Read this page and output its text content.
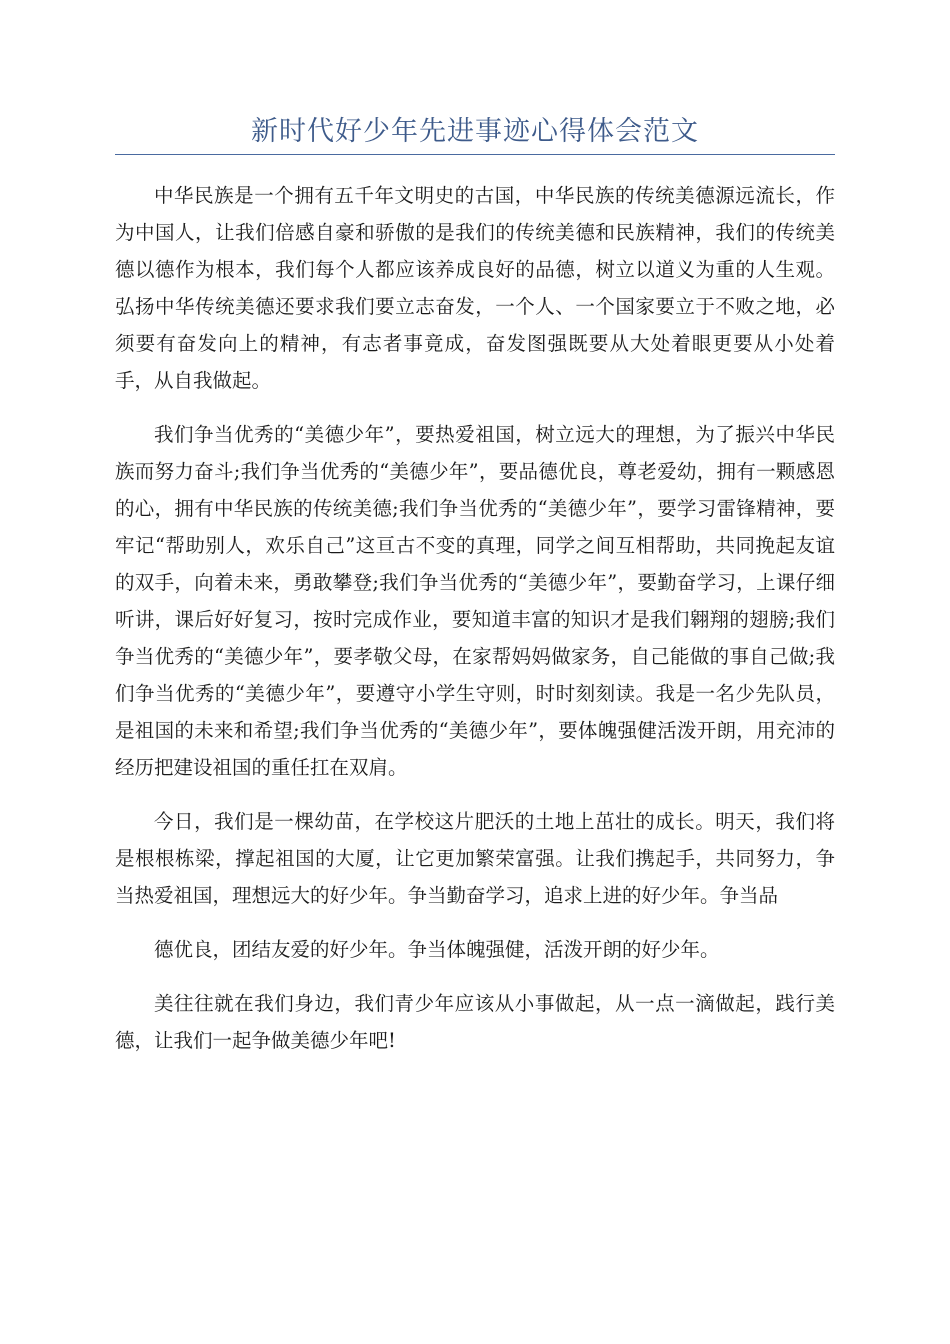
新时代好少年先进事迹心得体会范文

中华民族是一个拥有五千年文明史的古国，中华民族的传统美德源远流长，作为中国人，让我们倍感自豪和骄傲的是我们的传统美德和民族精神，我们的传统美德以德作为根本，我们每个人都应该养成良好的品德，树立以道义为重的人生观。弘扬中华传统美德还要求我们要立志奋发，一个人、一个国家要立于不败之地，必须要有奋发向上的精神，有志者事竟成，奋发图强既要从大处着眼更要从小处着手，从自我做起。

我们争当优秀的“美德少年”，要热爱祖国，树立远大的理想，为了振兴中华民族而努力奋斗;我们争当优秀的“美德少年”，要品德优良，尊老爱幼，拥有一颗感恩的心，拥有中华民族的传统美德;我们争当优秀的“美德少年”，要学习雷锋精神，要牢记“帮助别人，欢乐自己”这亘古不变的真理，同学之间互相帮助，共同挽起友谊的双手，向着未来，勇敢攀登;我们争当优秀的“美德少年”，要勤奋学习，上课仔细听讲，课后好好复习，按时完成作业，要知道丰富的知识才是我们翱翔的翅膀;我们争当优秀的“美德少年”，要孝敬父母，在家帮妈妈做家务，自己能做的事自己做;我们争当优秀的“美德少年”，要遵守小学生守则，时时刻刻读。我是一名少先队员，是祖国的未来和希望;我们争当优秀的“美德少年”，要体魄强健活泼开朗，用充沛的经历把建设祖国的重任扛在双肩。

今日，我们是一棵幼苗，在学校这片肥沃的土地上茁壮的成长。明天，我们将是根根栋梁，撑起祖国的大厦，让它更加繁荣富强。让我们携起手，共同努力，争当热爱祖国，理想远大的好少年。争当勤奋学习，追求上进的好少年。争当品

德优良，团结友爱的好少年。争当体魄强健，活泼开朗的好少年。

美往往就在我们身边，我们青少年应该从小事做起，从一点一滴做起，践行美德，让我们一起争做美德少年吧!
